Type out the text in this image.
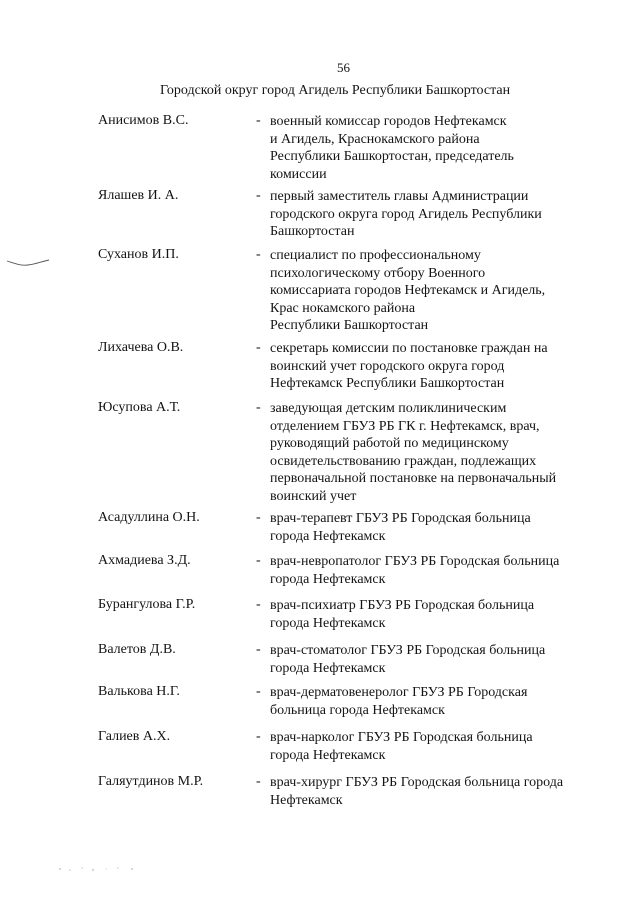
56
Городской округ город Агидель Республики Башкортостан
Анисимов В.С.	- военный комиссар городов Нефтекамск
и Агидель, Краснокамского района
Республики Башкортостан, председатель
комиссии
Ялашев И. А.	- первый заместитель главы Администрации
городского округа город Агидель Республики
Башкортостан
Суханов И.П.	- специалист по профессиональному
психологическому отбору Военного
комиссариата городов Нефтекамск и Агидель,
Крас нокамского района
Республики Башкортостан
Лихачева О.В.	- секретарь комиссии по постановке граждан на
воинский учет городского округа город
Нефтекамск Республики Башкортостан
Юсупова А.Т.	- заведующая детским поликлиническим
отделением ГБУЗ РБ ГК г. Нефтекамск, врач,
руководящий работой по медицинскому
освидетельствованию граждан, подлежащих
первоначальной постановке на первоначальный
воинский учет
Асадуллина О.Н.	- врач-терапевт ГБУЗ РБ Городская больница
города Нефтекамск
Ахмадиева З.Д.	- врач-невропатолог ГБУЗ РБ Городская больница
города Нефтекамск
Бурангулова Г.Р.	- врач-психиатр ГБУЗ РБ Городская больница
города Нефтекамск
Валетов Д.В.	- врач-стоматолог ГБУЗ РБ Городская больница
города Нефтекамск
Валькова Н.Г.	- врач-дерматовенеролог ГБУЗ РБ Городская
больница города Нефтекамск
Галиев А.Х.	- врач-нарколог ГБУЗ РБ Городская больница
города Нефтекамск
Галяутдинов М.Р.	- врач-хирург ГБУЗ РБ Городская больница города
Нефтекамск
